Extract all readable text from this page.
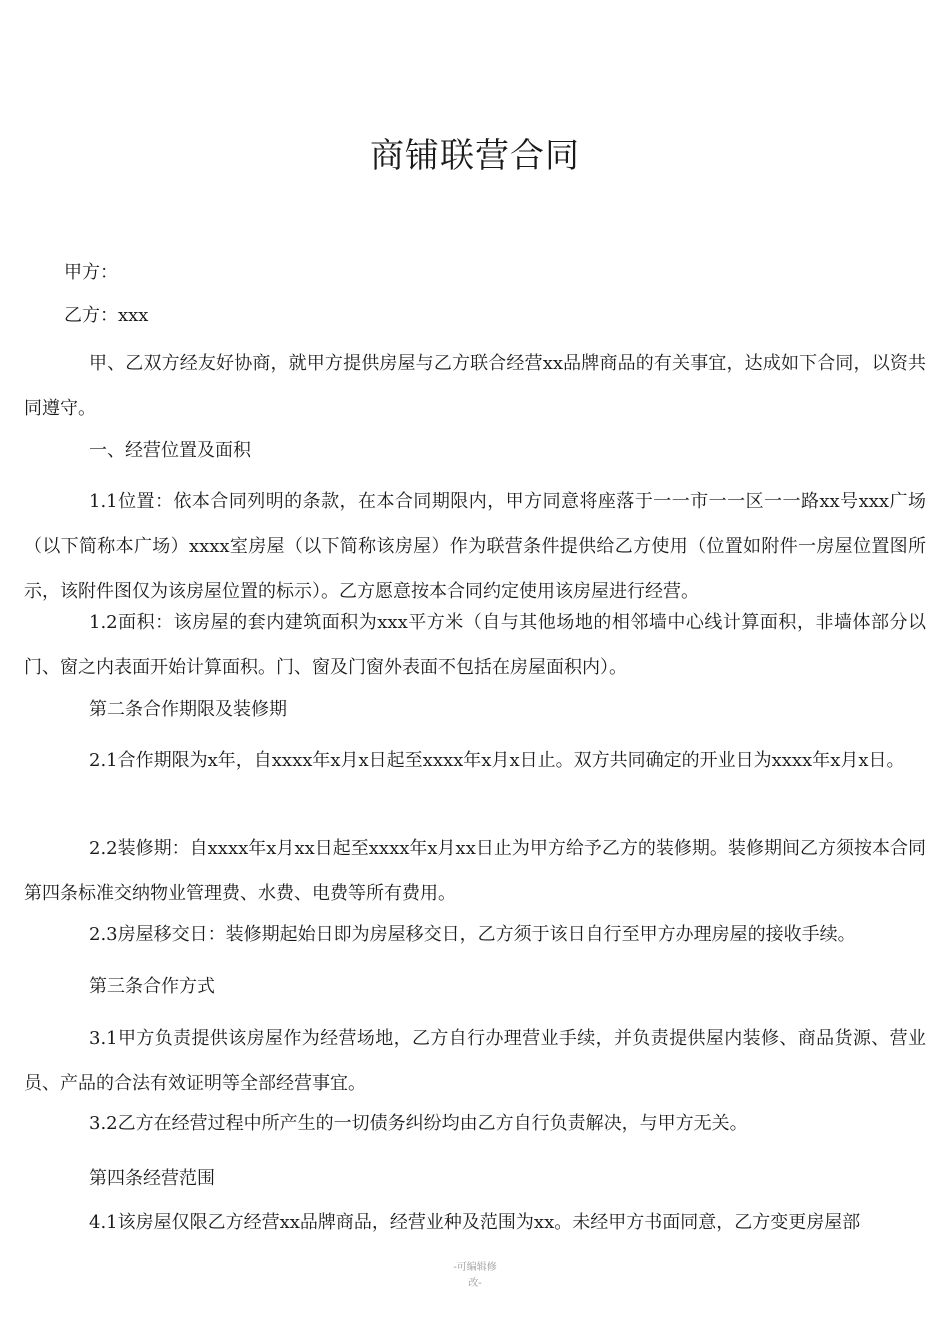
商铺联营合同

甲方：

乙方：xxx

甲、乙双方经友好协商，就甲方提供房屋与乙方联合经营xx品牌商品的有关事宜，达成如下合同，以资共同遵守。

一、经营位置及面积

1.1位置：依本合同列明的条款，在本合同期限内，甲方同意将座落于一一市一一区一一路xx号xxx广场（以下简称本广场）xxxx室房屋（以下简称该房屋）作为联营条件提供给乙方使用（位置如附件一房屋位置图所示，该附件图仅为该房屋位置的标示）。乙方愿意按本合同约定使用该房屋进行经营。

1.2面积：该房屋的套内建筑面积为xxx平方米（自与其他场地的相邻墙中心线计算面积，非墙体部分以门、窗之内表面开始计算面积。门、窗及门窗外表面不包括在房屋面积内）。

第二条合作期限及装修期

2.1合作期限为x年，自xxxx年x月x日起至xxxx年x月x日止。双方共同确定的开业日为xxxx年x月x日。

2.2装修期：自xxxx年x月xx日起至xxxx年x月xx日止为甲方给予乙方的装修期。装修期间乙方须按本合同第四条标准交纳物业管理费、水费、电费等所有费用。

2.3房屋移交日：装修期起始日即为房屋移交日，乙方须于该日自行至甲方办理房屋的接收手续。

第三条合作方式

3.1甲方负责提供该房屋作为经营场地，乙方自行办理营业手续，并负责提供屋内装修、商品货源、营业员、产品的合法有效证明等全部经营事宜。

3.2乙方在经营过程中所产生的一切债务纠纷均由乙方自行负责解决，与甲方无关。

第四条经营范围

4.1该房屋仅限乙方经营xx品牌商品，经营业种及范围为xx。未经甲方书面同意，乙方变更房屋部

-可编辑修
改-
